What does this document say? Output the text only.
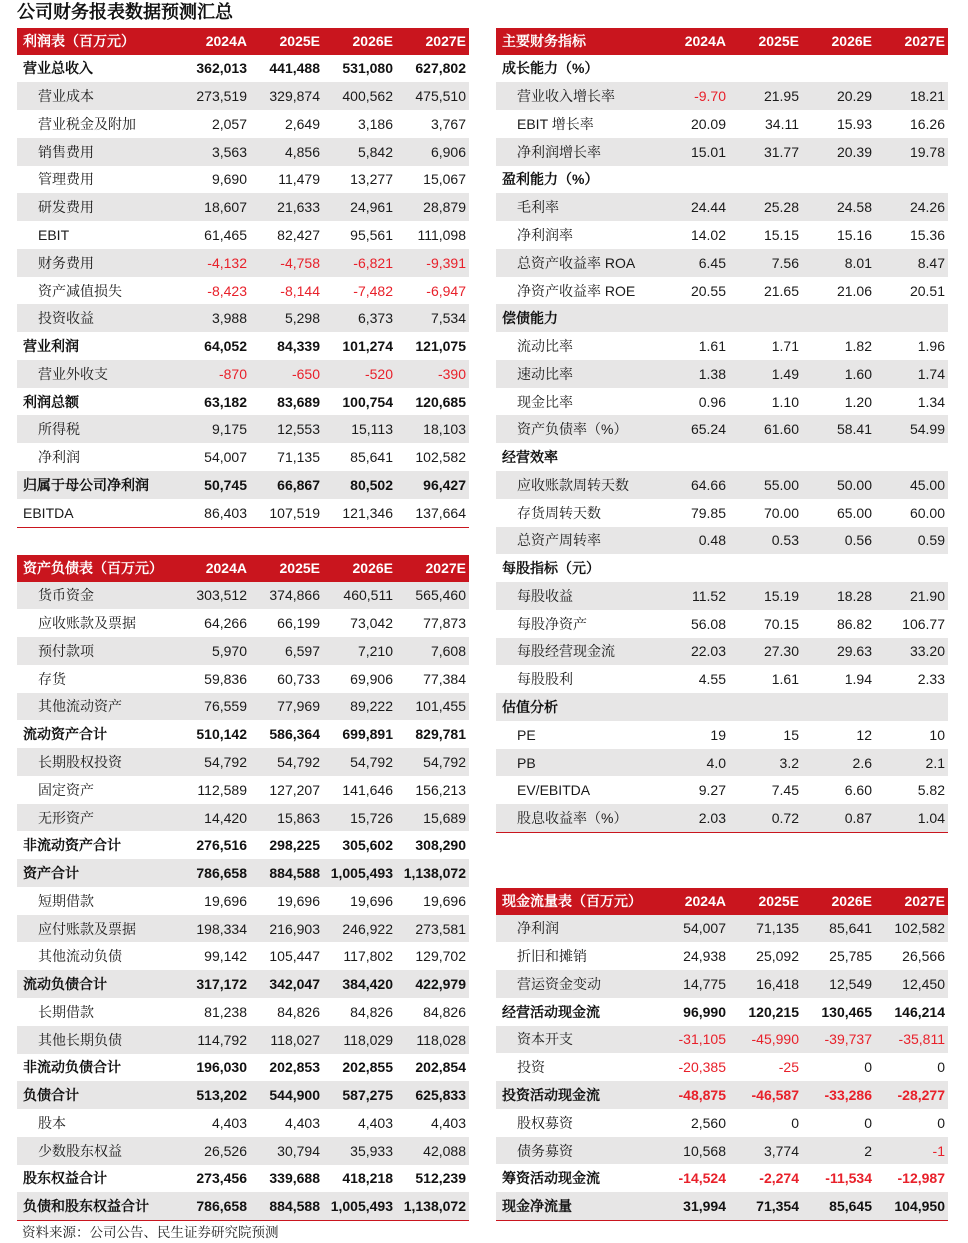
公司财务报表数据预测汇总
利润表（百万元）	2024A	2025E	2026E	2027E
营业总收入	362,013	441,488	531,080	627,802
营业成本	273,519	329,874	400,562	475,510
营业税金及附加	2,057	2,649	3,186	3,767
销售费用	3,563	4,856	5,842	6,906
管理费用	9,690	11,479	13,277	15,067
研发费用	18,607	21,633	24,961	28,879
EBIT	61,465	82,427	95,561	111,098
财务费用	-4,132	-4,758	-6,821	-9,391
资产减值损失	-8,423	-8,144	-7,482	-6,947
投资收益	3,988	5,298	6,373	7,534
营业利润	64,052	84,339	101,274	121,075
营业外收支	-870	-650	-520	-390
利润总额	63,182	83,689	100,754	120,685
所得税	9,175	12,553	15,113	18,103
净利润	54,007	71,135	85,641	102,582
归属于母公司净利润	50,745	66,867	80,502	96,427
EBITDA	86,403	107,519	121,346	137,664
资产负债表（百万元）	2024A	2025E	2026E	2027E
货币资金	303,512	374,866	460,511	565,460
应收账款及票据	64,266	66,199	73,042	77,873
预付款项	5,970	6,597	7,210	7,608
存货	59,836	60,733	69,906	77,384
其他流动资产	76,559	77,969	89,222	101,455
流动资产合计	510,142	586,364	699,891	829,781
长期股权投资	54,792	54,792	54,792	54,792
固定资产	112,589	127,207	141,646	156,213
无形资产	14,420	15,863	15,726	15,689
非流动资产合计	276,516	298,225	305,602	308,290
资产合计	786,658	884,588 1,005,493 1,138,072
短期借款	19,696	19,696	19,696	19,696
应付账款及票据	198,334	216,903	246,922	273,581
其他流动负债	99,142	105,447	117,802	129,702
流动负债合计	317,172	342,047	384,420	422,979
长期借款	81,238	84,826	84,826	84,826
其他长期负债	114,792	118,027	118,029	118,028
非流动负债合计	196,030	202,853	202,855	202,854
负债合计	513,202	544,900	587,275	625,833
股本	4,403	4,403	4,403	4,403
少数股东权益	26,526	30,794	35,933	42,088
股东权益合计	273,456	339,688	418,218	512,239
负债和股东权益合计	786,658	884,588 1,005,493 1,138,072
主要财务指标	2024A	2025E	2026E	2027E
成长能力（%）
营业收入增长率	-9.70	21.95	20.29	18.21
EBIT 增长率	20.09	34.11	15.93	16.26
净利润增长率	15.01	31.77	20.39	19.78
盈利能力（%）
毛利率	24.44	25.28	24.58	24.26
净利润率	14.02	15.15	15.16	15.36
总资产收益率 ROA	6.45	7.56	8.01	8.47
净资产收益率 ROE	20.55	21.65	21.06	20.51
偿债能力
流动比率	1.61	1.71	1.82	1.96
速动比率	1.38	1.49	1.60	1.74
现金比率	0.96	1.10	1.20	1.34
资产负债率（%）	65.24	61.60	58.41	54.99
经营效率
应收账款周转天数	64.66	55.00	50.00	45.00
存货周转天数	79.85	70.00	65.00	60.00
总资产周转率	0.48	0.53	0.56	0.59
每股指标（元）
每股收益	11.52	15.19	18.28	21.90
每股净资产	56.08	70.15	86.82	106.77
每股经营现金流	22.03	27.30	29.63	33.20
每股股利	4.55	1.61	1.94	2.33
估值分析
PE	19	15	12	10
PB	4.0	3.2	2.6	2.1
EV/EBITDA	9.27	7.45	6.60	5.82
股息收益率（%）	2.03	0.72	0.87	1.04
现金流量表（百万元）	2024A	2025E	2026E	2027E
净利润	54,007	71,135	85,641	102,582
折旧和摊销	24,938	25,092	25,785	26,566
营运资金变动	14,775	16,418	12,549	12,450
经营活动现金流	96,990	120,215	130,465	146,214
资本开支	-31,105	-45,990	-39,737	-35,811
投资	-20,385	-25	0	0
投资活动现金流	-48,875	-46,587	-33,286	-28,277
股权募资	2,560	0	0	0
债务募资	10,568	3,774	2	-1
筹资活动现金流	-14,524	-2,274	-11,534	-12,987
现金净流量	31,994	71,354	85,645	104,950
资料来源：公司公告、民生证券研究院预测
